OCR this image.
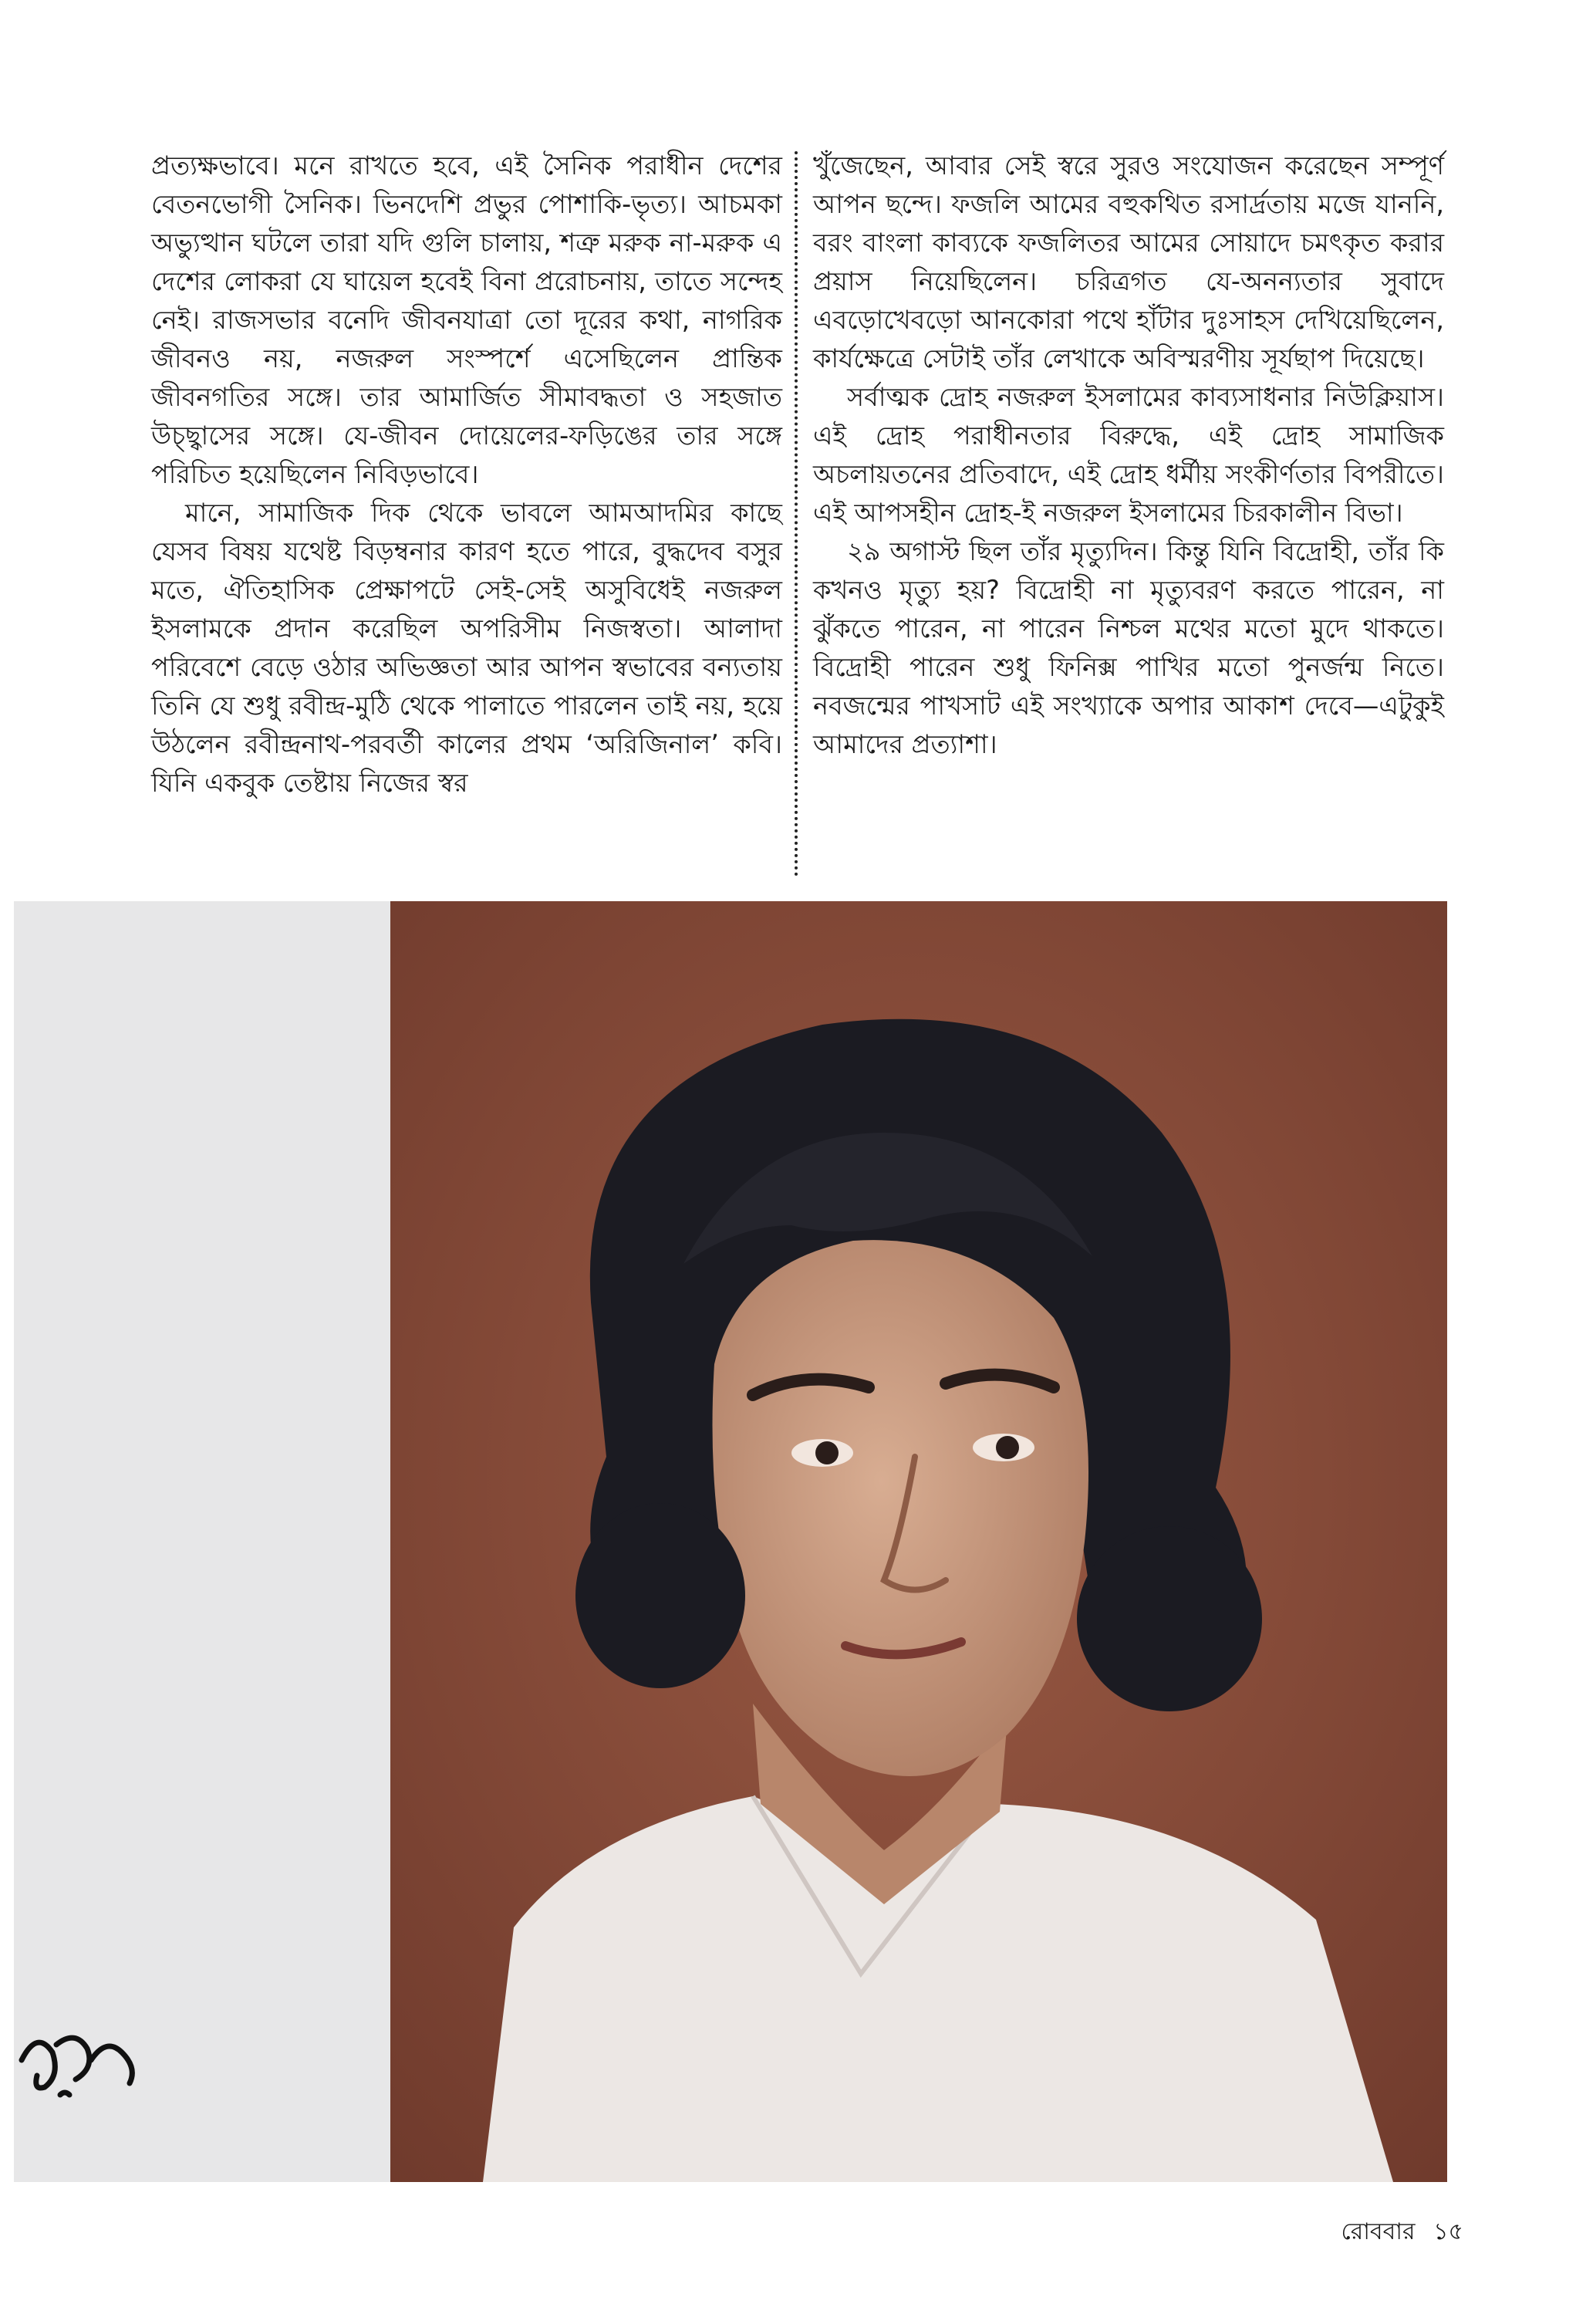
প্রত্যক্ষভাবে। মনে রাখতে হবে, এই সৈনিক পরাধীন দেশের বেতনভোগী সৈনিক। ভিনদেশি প্রভুর পোশাকি-ভৃত্য। আচমকা অভ্যুত্থান ঘটলে তারা যদি গুলি চালায়, শত্রু মরুক না-মরুক এ দেশের লোকরা যে ঘায়েল হবেই বিনা প্ররোচনায়, তাতে সন্দেহ নেই। রাজসভার বনেদি জীবনযাত্রা তো দূরের কথা, নাগরিক জীবনও নয়, নজরুল সংস্পর্শে এসেছিলেন প্রান্তিক জীবনগতির সঙ্গে। তার আমার্জিত সীমাবদ্ধতা ও সহজাত উচ্ছ্বাসের সঙ্গে। যে-জীবন দোয়েলের-ফড়িঙের তার সঙ্গে পরিচিত হয়েছিলেন নিবিড়ভাবে।

মানে, সামাজিক দিক থেকে ভাবলে আমআদমির কাছে যেসব বিষয় যথেষ্ট বিড়ম্বনার কারণ হতে পারে, বুদ্ধদেব বসুর মতে, ঐতিহাসিক প্রেক্ষাপটে সেই-সেই অসুবিধেই নজরুল ইসলামকে প্রদান করেছিল অপরিসীম নিজস্বতা। আলাদা পরিবেশে বেড়ে ওঠার অভিজ্ঞতা আর আপন স্বভাবের বন্যতায় তিনি যে শুধু রবীন্দ্র-মুঠি থেকে পালাতে পারলেন তাই নয়, হয়ে উঠলেন রবীন্দ্রনাথ-পরবর্তী কালের প্রথম ‘অরিজিনাল’ কবি। যিনি একবুক তেষ্টায় নিজের স্বর

খুঁজেছেন, আবার সেই স্বরে সুরও সংযোজন করেছেন সম্পূর্ণ আপন ছন্দে। ফজলি আমের বহুকথিত রসার্দ্রতায় মজে যাননি, বরং বাংলা কাব্যকে ফজলিতর আমের সোয়াদে চমৎকৃত করার প্রয়াস নিয়েছিলেন। চরিত্রগত যে-অনন্যতার সুবাদে এবড়োখেবড়ো আনকোরা পথে হাঁটার দুঃসাহস দেখিয়েছিলেন, কার্যক্ষেত্রে সেটাই তাঁর লেখাকে অবিস্মরণীয় সূর্যছাপ দিয়েছে।

সর্বাত্মক দ্রোহ নজরুল ইসলামের কাব্যসাধনার নিউক্লিয়াস। এই দ্রোহ পরাধীনতার বিরুদ্ধে, এই দ্রোহ সামাজিক অচলায়তনের প্রতিবাদে, এই দ্রোহ ধর্মীয় সংকীর্ণতার বিপরীতে। এই আপসহীন দ্রোহ-ই নজরুল ইসলামের চিরকালীন বিভা।

২৯ অগাস্ট ছিল তাঁর মৃত্যুদিন। কিন্তু যিনি বিদ্রোহী, তাঁর কি কখনও মৃত্যু হয়? বিদ্রোহী না মৃত্যুবরণ করতে পারেন, না ঝুঁকতে পারেন, না পারেন নিশ্চল মথের মতো মুদে থাকতে। বিদ্রোহী পারেন শুধু ফিনিক্স পাখির মতো পুনর্জন্ম নিতে। নবজন্মের পাখসাট এই সংখ্যাকে অপার আকাশ দেবে—এটুকুই আমাদের প্রত্যাশা।

রোববার ১৫
